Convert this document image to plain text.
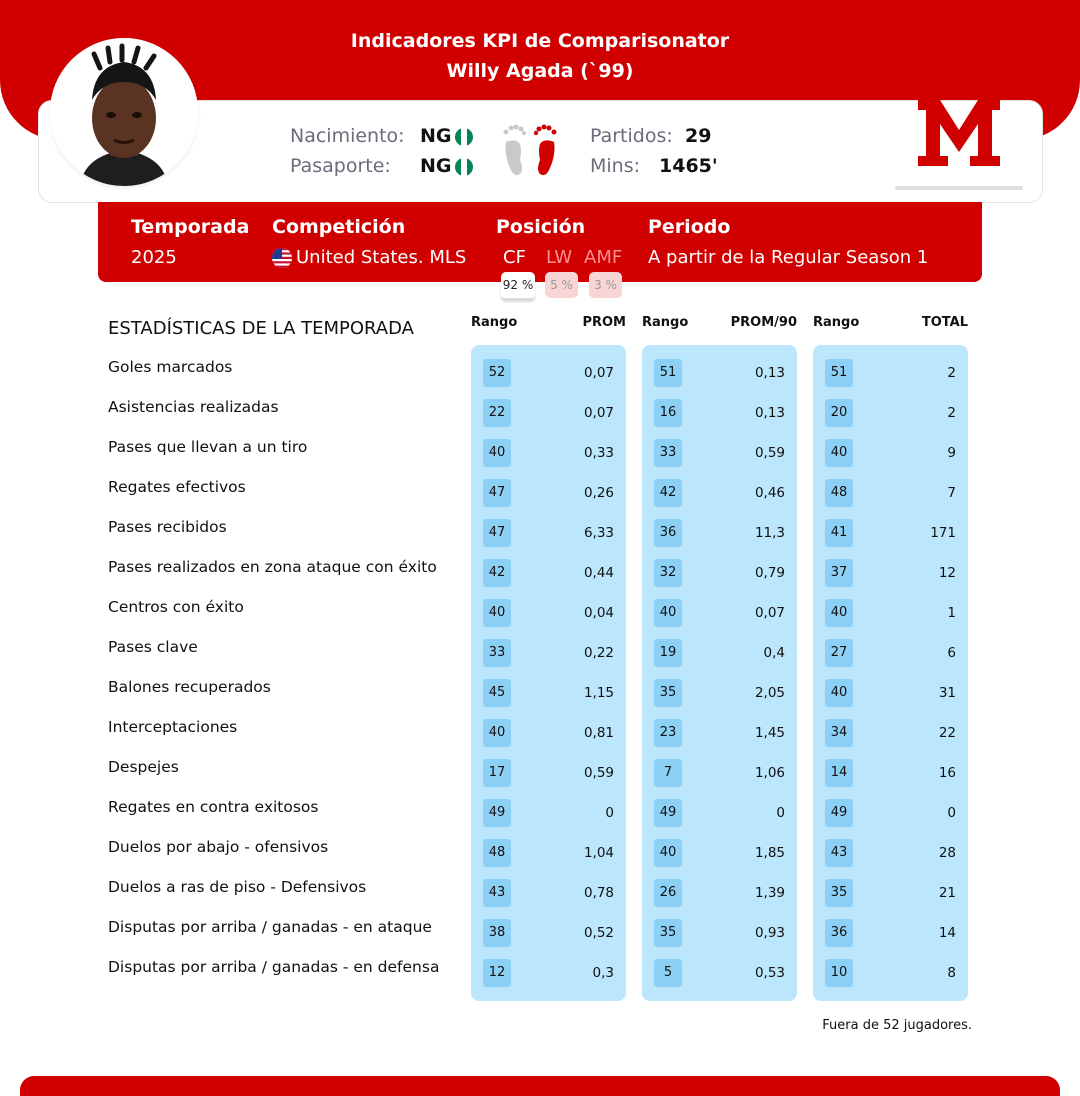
Indicadores KPI de Comparisonator
Willy Agada (`99)
Nacimiento: NG
Pasaporte: NG
Partidos: 29
Mins: 1465'
Temporada
2025
Competición
United States. MLS
Posición
CF LW AMF
92 %	5 %	3 %
Periodo
A partir de la Regular Season 1
ESTADÍSTICAS DE LA TEMPORADA	Rango	PROM Rango	PROM/90 Rango	TOTAL
Goles marcados	52	0,07	51	0,13	51	2
Asistencias realizadas	22	0,07	16	0,13	20	2
Pases que llevan a un tiro	40	0,33	33	0,59	40	9
Regates efectivos	47	0,26	42	0,46	48	7
Pases recibidos	47	6,33	36	11,3	41	171
Pases realizados en zona ataque con éxito	42	0,44	32	0,79	37	12
Centros con éxito	40	0,04	40	0,07	40	1
Pases clave	33	0,22	19	0,4	27	6
Balones recuperados	45	1,15	35	2,05	40	31
Interceptaciones	40	0,81	23	1,45	34	22
Despejes	17	0,59	7	1,06	14	16
Regates en contra exitosos	49	0	49	0	49	0
Duelos por abajo - ofensivos	48	1,04	40	1,85	43	28
Duelos a ras de piso - Defensivos	43	0,78	26	1,39	35	21
Disputas por arriba / ganadas - en ataque	38	0,52	35	0,93	36	14
Disputas por arriba / ganadas - en defensa	12	0,3	5	0,53	10	8
Fuera de 52 jugadores.
